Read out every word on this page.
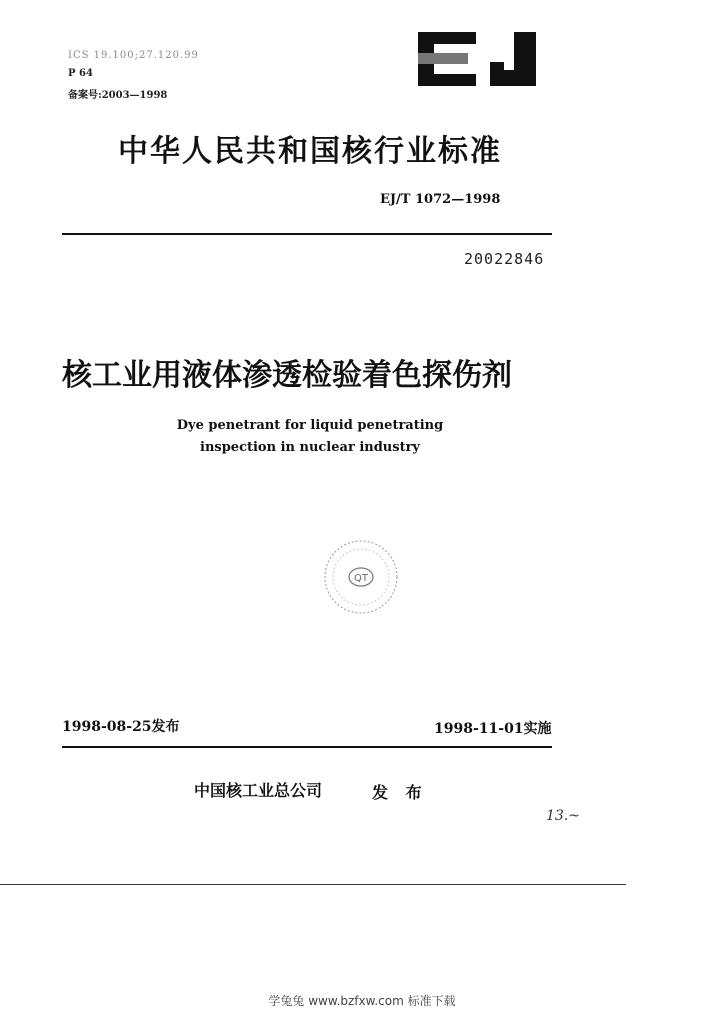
ICS 19.100;27.120.99
P 64
备案号:2003—1998
中华人民共和国核行业标准
EJ/T 1072—1998
20022846
核工业用液体渗透检验着色探伤剂
Dye penetrant for liquid penetrating
inspection in nuclear industry
QT
1998-08-25发布	1998-11-01实施
中国核工业总公司	发 布
13.~
学兔兔 www.bzfxw.com 标准下载
